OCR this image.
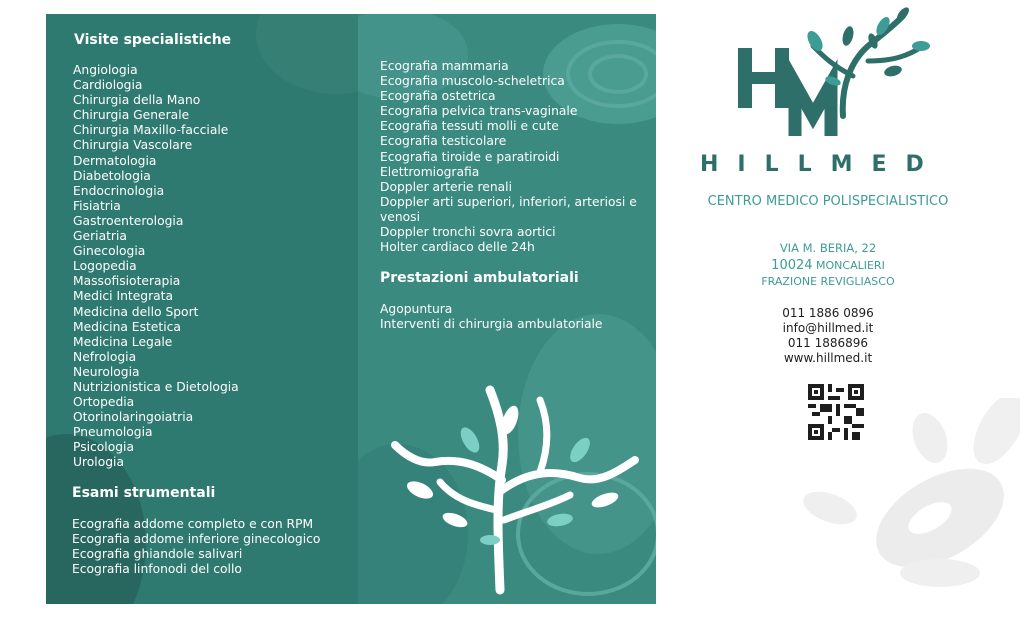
Visite specialistiche
Angiologia
Cardiologia
Chirurgia della Mano
Chirurgia Generale
Chirurgia Maxillo-facciale
Chirurgia Vascolare
Dermatologia
Diabetologia
Endocrinologia
Fisiatria
Gastroenterologia
Geriatria
Ginecologia
Logopedia
Massofisioterapia
Medici Integrata
Medicina dello Sport
Medicina Estetica
Medicina Legale
Nefrologia
Neurologia
Nutrizionistica e Dietologia
Ortopedia
Otorinolaringoiatria
Pneumologia
Psicologia
Urologia
Esami strumentali
Ecografia addome completo e con RPM
Ecografia addome inferiore ginecologico
Ecografia ghiandole salivari
Ecografia linfonodi del collo
Ecografia mammaria
Ecografia muscolo-scheletrica
Ecografia ostetrica
Ecografia pelvica trans-vaginale
Ecografia tessuti molli e cute
Ecografia testicolare
Ecografia tiroide e paratiroidi
Elettromiografia
Doppler arterie renali
Doppler arti superiori, inferiori, arteriosi e venosi
Doppler tronchi sovra aortici
Holter cardiaco delle 24h
Prestazioni ambulatoriali
Agopuntura
Interventi di chirurgia ambulatoriale
HILLMED
CENTRO MEDICO POLISPECIALISTICO
VIA M. BERIA, 22
10024 MONCALIERI
FRAZIONE REVIGLIASCO
011 1886 0896
info@hillmed.it
011 1886896
www.hillmed.it
